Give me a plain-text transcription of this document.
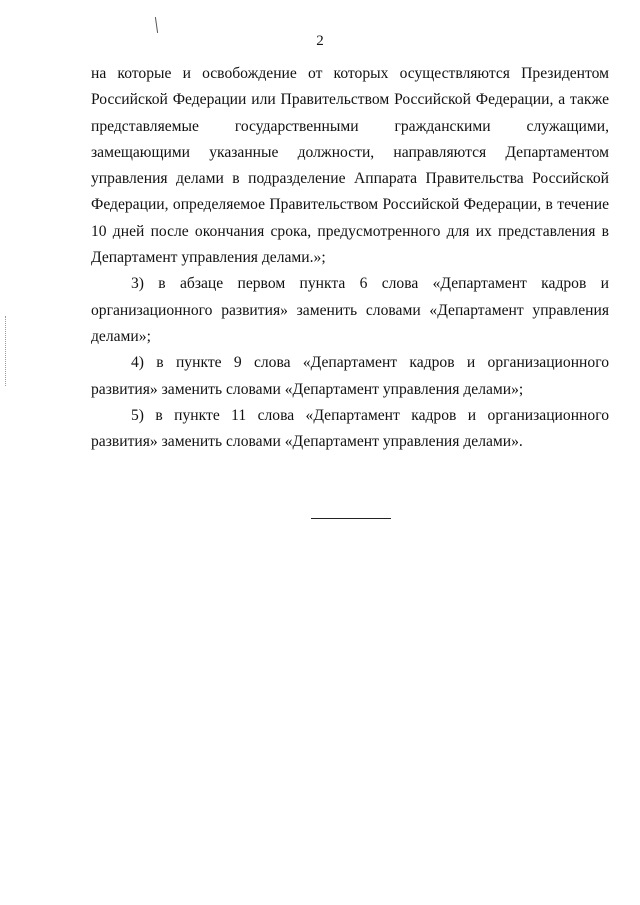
2

на которые и освобождение от которых осуществляются Президентом Российской Федерации или Правительством Российской Федерации, а также представляемые государственными гражданскими служащими, замещающими указанные должности, направляются Департаментом управления делами в подразделение Аппарата Правительства Российской Федерации, определяемое Правительством Российской Федерации, в течение 10 дней после окончания срока, предусмотренного для их представления в Департамент управления делами.»;

3) в абзаце первом пункта 6 слова «Департамент кадров и организационного развития» заменить словами «Департамент управления делами»;

4) в пункте 9 слова «Департамент кадров и организационного развития» заменить словами «Департамент управления делами»;

5) в пункте 11 слова «Департамент кадров и организационного развития» заменить словами «Департамент управления делами».
